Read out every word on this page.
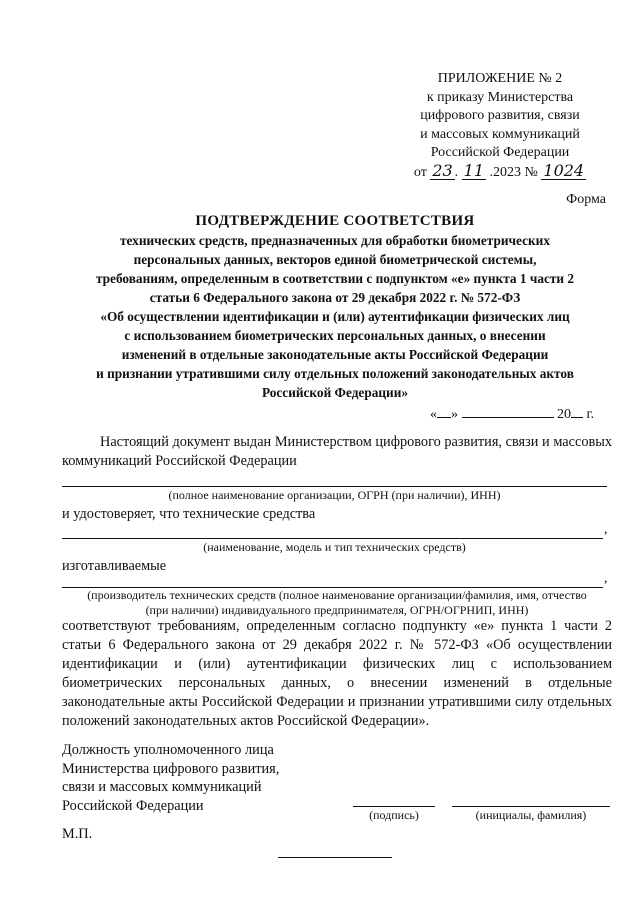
ПРИЛОЖЕНИЕ № 2
к приказу Министерства
цифрового развития, связи
и массовых коммуникаций
Российской Федерации
от 23 . 11 .2023 № 1024
Форма
ПОДТВЕРЖДЕНИЕ СООТВЕТСТВИЯ
технических средств, предназначенных для обработки биометрических
персональных данных, векторов единой биометрической системы,
требованиям, определенным в соответствии с подпунктом «е» пункта 1 части 2
статьи 6 Федерального закона от 29 декабря 2022 г. № 572-ФЗ
«Об осуществлении идентификации и (или) аутентификации физических лиц
с использованием биометрических персональных данных, о внесении
изменений в отдельные законодательные акты Российской Федерации
и признании утратившими силу отдельных положений законодательных актов
Российской Федерации»
« »	20 г.
Настоящий документ выдан Министерством цифрового развития, связи и массовых коммуникаций Российской Федерации
(полное наименование организации, ОГРН (при наличии), ИНН)
и удостоверяет, что технические средства
,
(наименование, модель и тип технических средств)
изготавливаемые
,
(производитель технических средств (полное наименование организации/фамилия, имя, отчество
(при наличии) индивидуального предпринимателя, ОГРН/ОГРНИП, ИНН)
соответствуют требованиям, определенным согласно подпункту «е» пункта 1 части 2 статьи 6 Федерального закона от 29 декабря 2022 г. № 572-ФЗ «Об осуществлении идентификации и (или) аутентификации физических лиц с использованием биометрических персональных данных, о внесении изменений в отдельные законодательные акты Российской Федерации и признании утратившими силу отдельных положений законодательных актов Российской Федерации».
Должность уполномоченного лица
Министерства цифрового развития,
связи и массовых коммуникаций
Российской Федерации
(подпись)	(инициалы, фамилия)
М.П.
